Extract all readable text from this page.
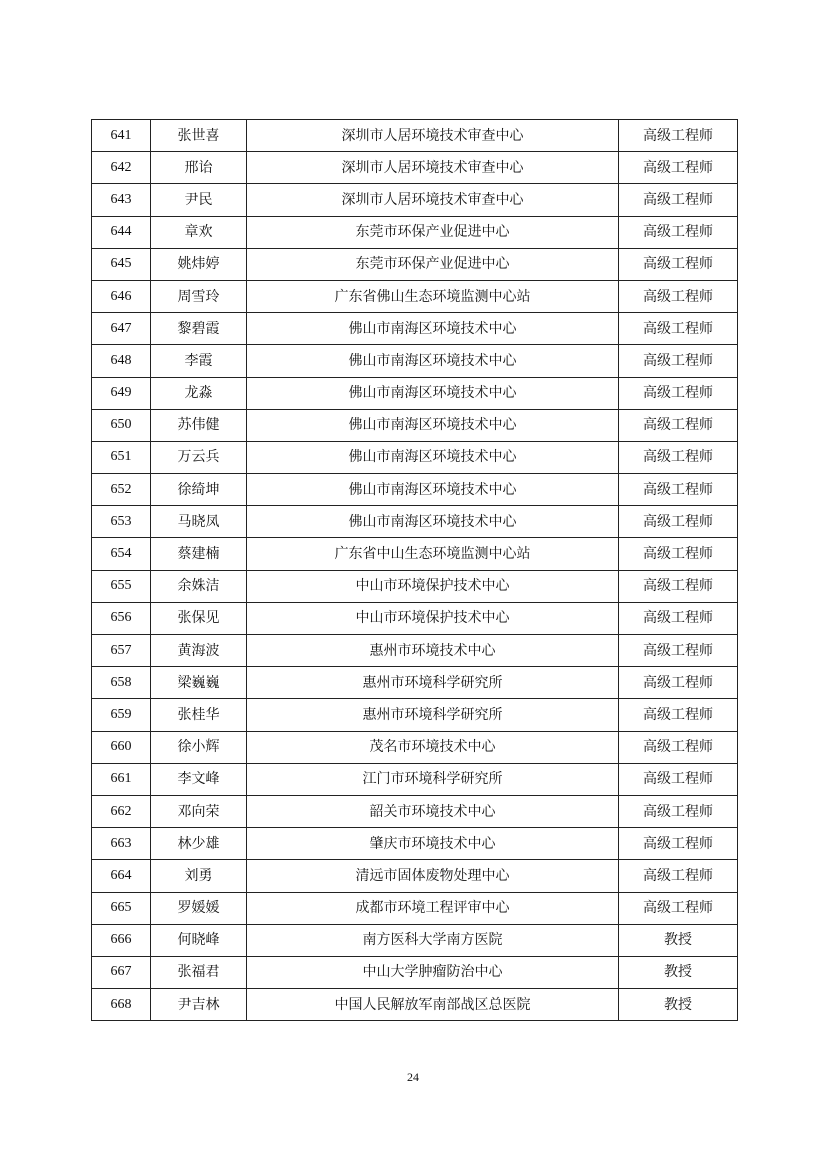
641	张世喜	深圳市人居环境技术审查中心	高级工程师
642	邢诒	深圳市人居环境技术审查中心	高级工程师
643	尹民	深圳市人居环境技术审查中心	高级工程师
644	章欢	东莞市环保产业促进中心	高级工程师
645	姚炜婷	东莞市环保产业促进中心	高级工程师
646	周雪玲	广东省佛山生态环境监测中心站	高级工程师
647	黎碧霞	佛山市南海区环境技术中心	高级工程师
648	李霞	佛山市南海区环境技术中心	高级工程师
649	龙淼	佛山市南海区环境技术中心	高级工程师
650	苏伟健	佛山市南海区环境技术中心	高级工程师
651	万云兵	佛山市南海区环境技术中心	高级工程师
652	徐绮坤	佛山市南海区环境技术中心	高级工程师
653	马晓凤	佛山市南海区环境技术中心	高级工程师
654	蔡建楠	广东省中山生态环境监测中心站	高级工程师
655	余姝洁	中山市环境保护技术中心	高级工程师
656	张保见	中山市环境保护技术中心	高级工程师
657	黄海波	惠州市环境技术中心	高级工程师
658	梁巍巍	惠州市环境科学研究所	高级工程师
659	张桂华	惠州市环境科学研究所	高级工程师
660	徐小辉	茂名市环境技术中心	高级工程师
661	李文峰	江门市环境科学研究所	高级工程师
662	邓向荣	韶关市环境技术中心	高级工程师
663	林少雄	肇庆市环境技术中心	高级工程师
664	刘勇	清远市固体废物处理中心	高级工程师
665	罗媛媛	成都市环境工程评审中心	高级工程师
666	何晓峰	南方医科大学南方医院	教授
667	张福君	中山大学肿瘤防治中心	教授
668	尹吉林	中国人民解放军南部战区总医院	教授
24
